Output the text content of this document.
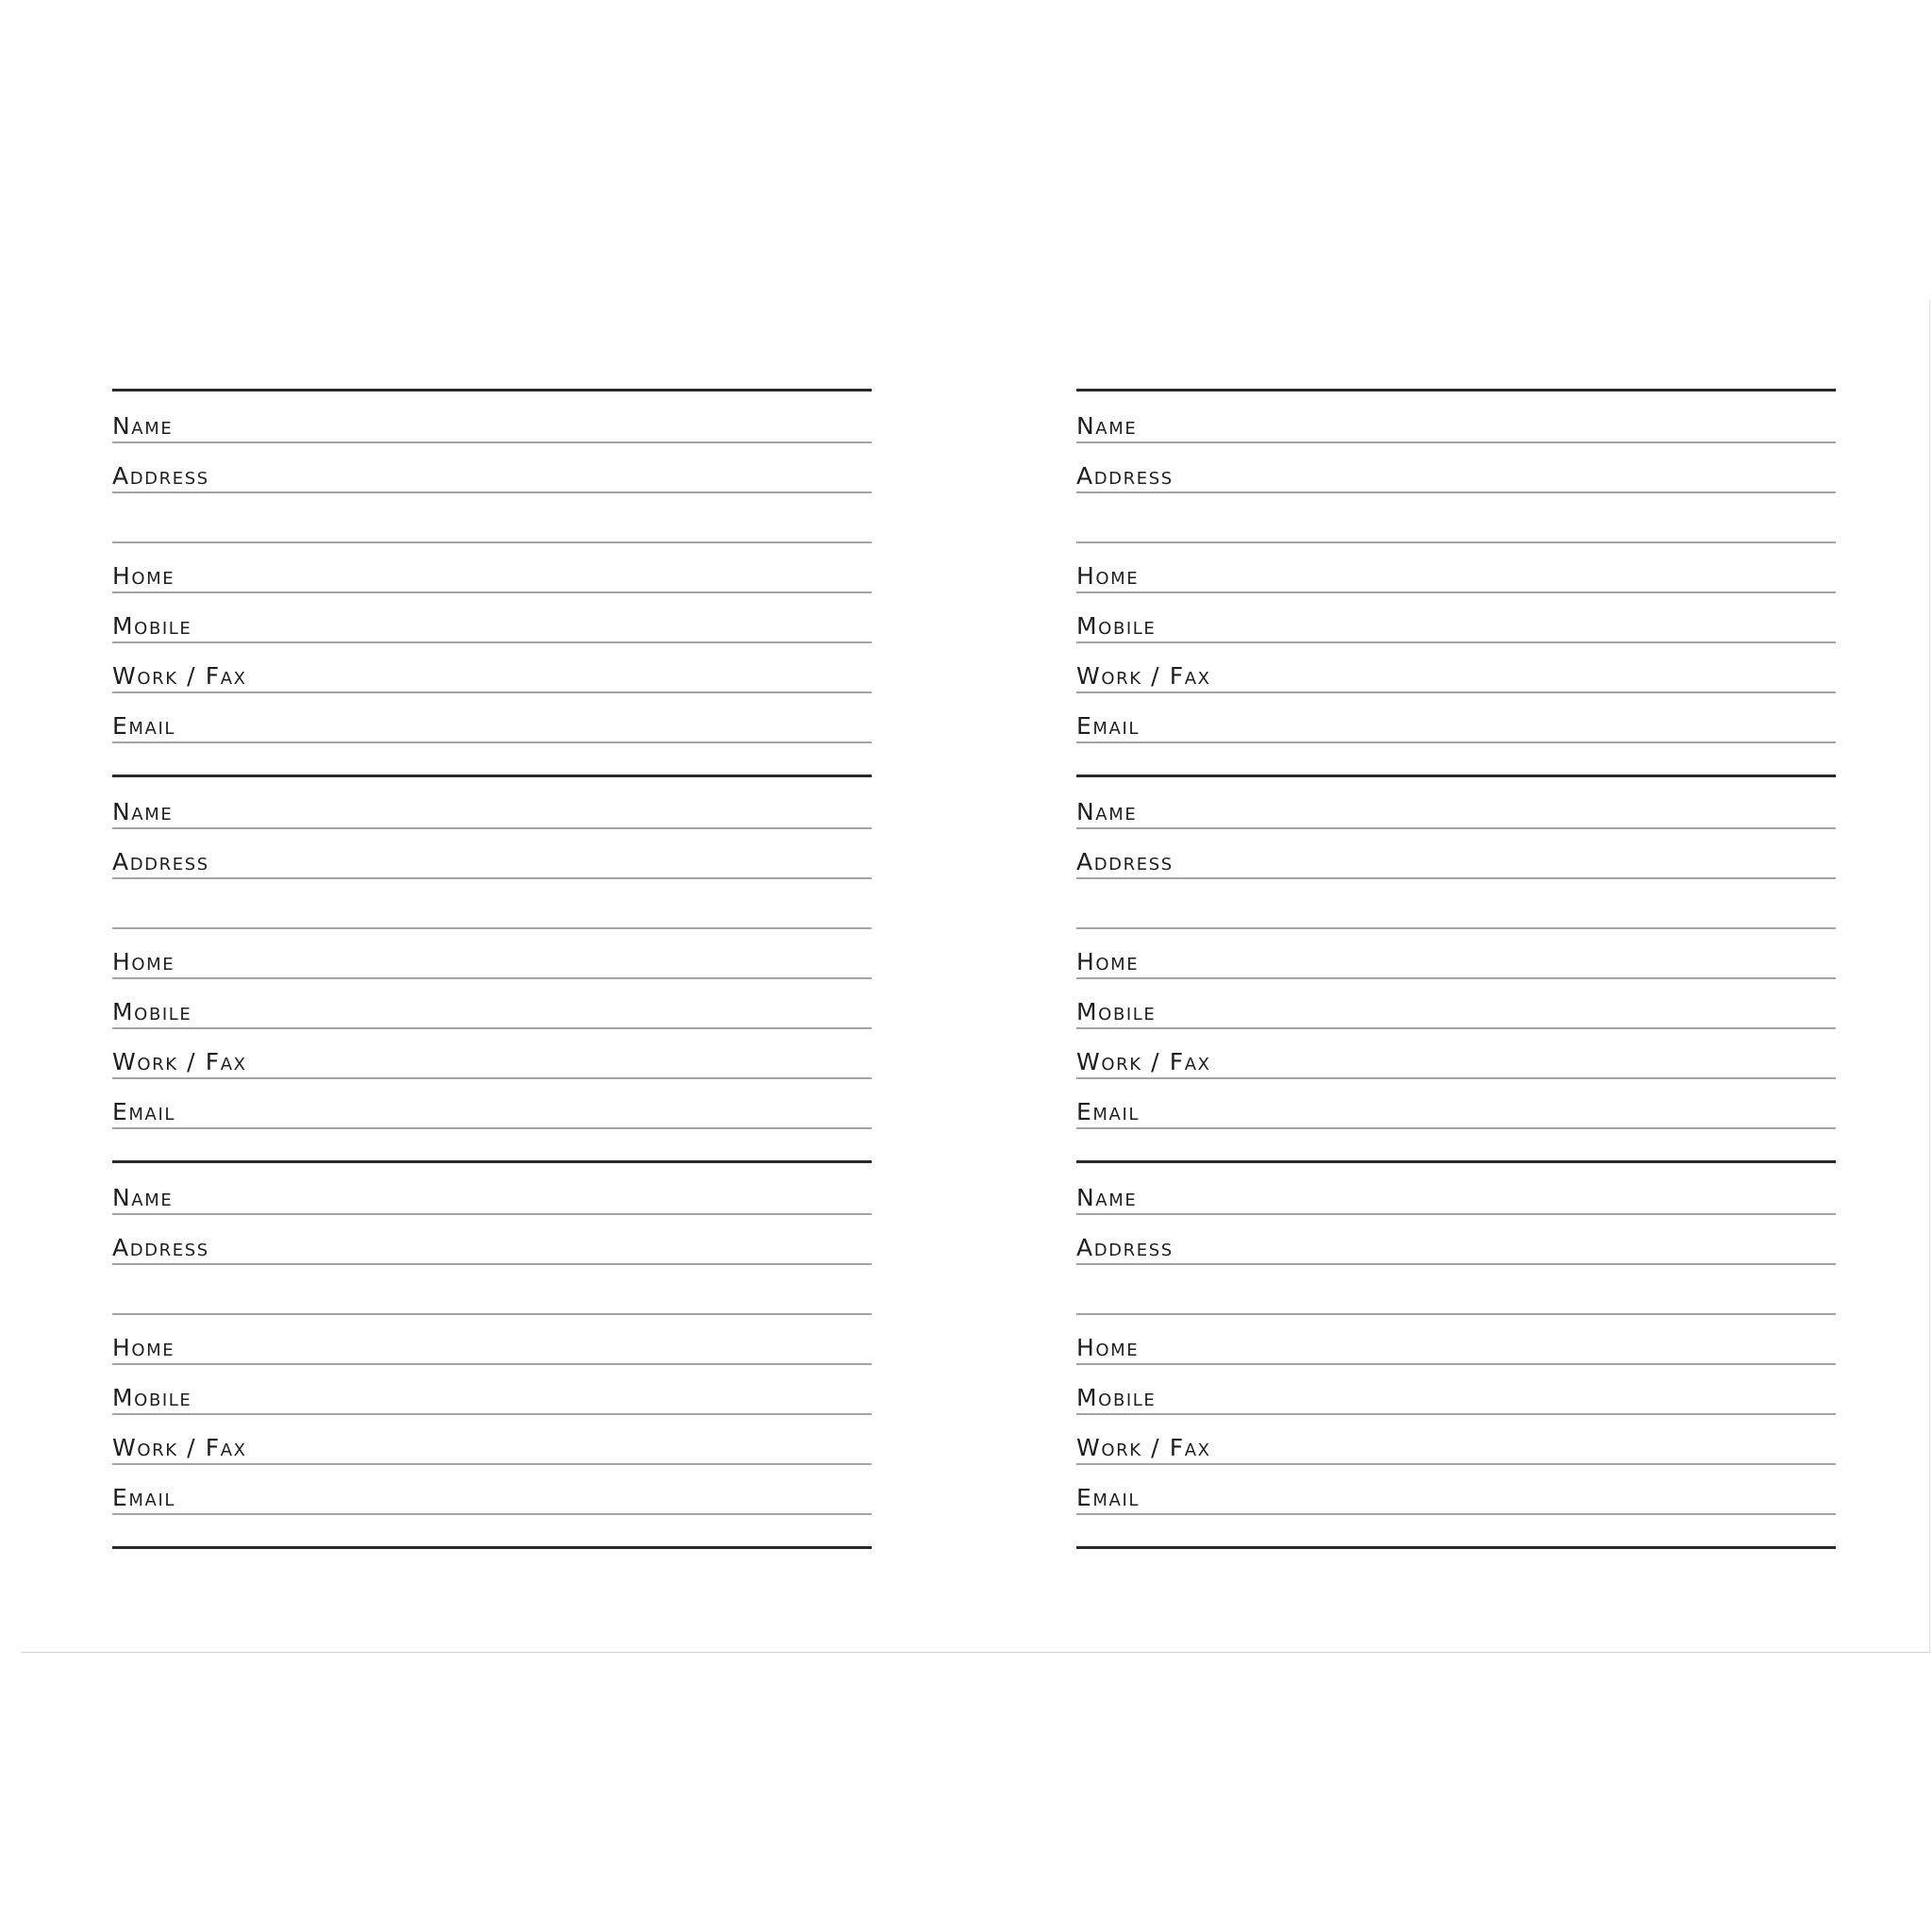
Name
Address
Home
Mobile
Work / Fax
Email
Name
Address
Home
Mobile
Work / Fax
Email
Name
Address
Home
Mobile
Work / Fax
Email
Name
Address
Home
Mobile
Work / Fax
Email
Name
Address
Home
Mobile
Work / Fax
Email
Name
Address
Home
Mobile
Work / Fax
Email
